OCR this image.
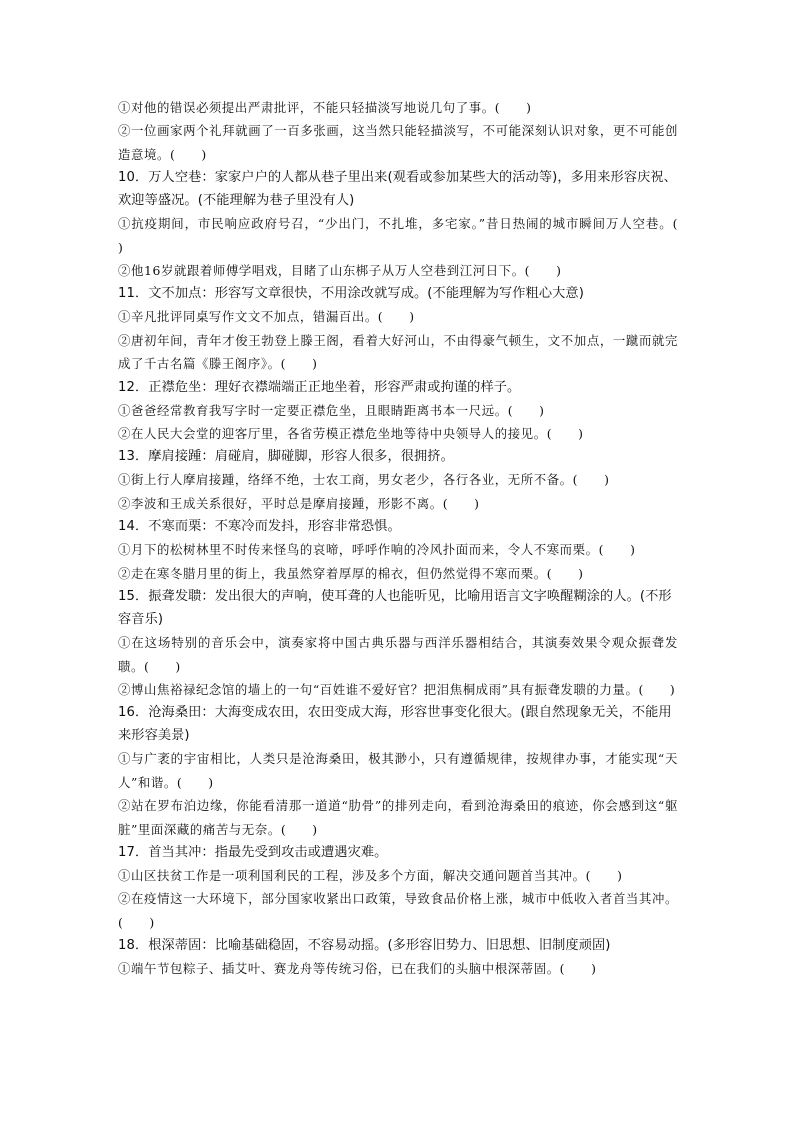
①对他的错误必须提出严肃批评，不能只轻描淡写地说几句了事。(　　)

②一位画家两个礼拜就画了一百多张画，这当然只能轻描淡写，不可能深刻认识对象，更不可能创造意境。(　　)

10．万人空巷：家家户户的人都从巷子里出来(观看或参加某些大的活动等)，多用来形容庆祝、欢迎等盛况。(不能理解为巷子里没有人)

①抗疫期间，市民响应政府号召，“少出门，不扎堆，多宅家。”昔日热闹的城市瞬间万人空巷。(　　)

②他16岁就跟着师傅学唱戏，目睹了山东梆子从万人空巷到江河日下。(　　)

11．文不加点：形容写文章很快，不用涂改就写成。(不能理解为写作粗心大意)

①辛凡批评同桌写作文文不加点，错漏百出。(　　)

②唐初年间，青年才俊王勃登上滕王阁，看着大好河山，不由得豪气顿生，文不加点，一蹴而就完成了千古名篇《滕王阁序》。(　　)

12．正襟危坐：理好衣襟端端正正地坐着，形容严肃或拘谨的样子。

①爸爸经常教育我写字时一定要正襟危坐，且眼睛距离书本一尺远。(　　)

②在人民大会堂的迎客厅里，各省劳模正襟危坐地等待中央领导人的接见。(　　)

13．摩肩接踵：肩碰肩，脚碰脚，形容人很多，很拥挤。

①街上行人摩肩接踵，络绎不绝，士农工商，男女老少，各行各业，无所不备。(　　)

②李波和王成关系很好，平时总是摩肩接踵，形影不离。(　　)

14．不寒而栗：不寒冷而发抖，形容非常恐惧。

①月下的松树林里不时传来怪鸟的哀啼，呼呼作响的冷风扑面而来，令人不寒而栗。(　　)

②走在寒冬腊月里的街上，我虽然穿着厚厚的棉衣，但仍然觉得不寒而栗。(　　)

15．振聋发聩：发出很大的声响，使耳聋的人也能听见，比喻用语言文字唤醒糊涂的人。(不形容音乐)

①在这场特别的音乐会中，演奏家将中国古典乐器与西洋乐器相结合，其演奏效果令观众振聋发聩。(　　)

②博山焦裕禄纪念馆的墙上的一句“百姓谁不爱好官？把泪焦桐成雨”具有振聋发聩的力量。(　　)

16．沧海桑田：大海变成农田，农田变成大海，形容世事变化很大。(跟自然现象无关，不能用来形容美景)

①与广袤的宇宙相比，人类只是沧海桑田，极其渺小，只有遵循规律，按规律办事，才能实现“天人”和谐。(　　)

②站在罗布泊边缘，你能看清那一道道“肋骨”的排列走向，看到沧海桑田的痕迹，你会感到这“躯脏”里面深藏的痛苦与无奈。(　　)

17．首当其冲：指最先受到攻击或遭遇灾难。

①山区扶贫工作是一项利国利民的工程，涉及多个方面，解决交通问题首当其冲。(　　)

②在疫情这一大环境下，部分国家收紧出口政策，导致食品价格上涨，城市中低收入者首当其冲。(　　)

18．根深蒂固：比喻基础稳固，不容易动摇。(多形容旧势力、旧思想、旧制度顽固)

①端午节包粽子、插艾叶、赛龙舟等传统习俗，已在我们的头脑中根深蒂固。(　　)
